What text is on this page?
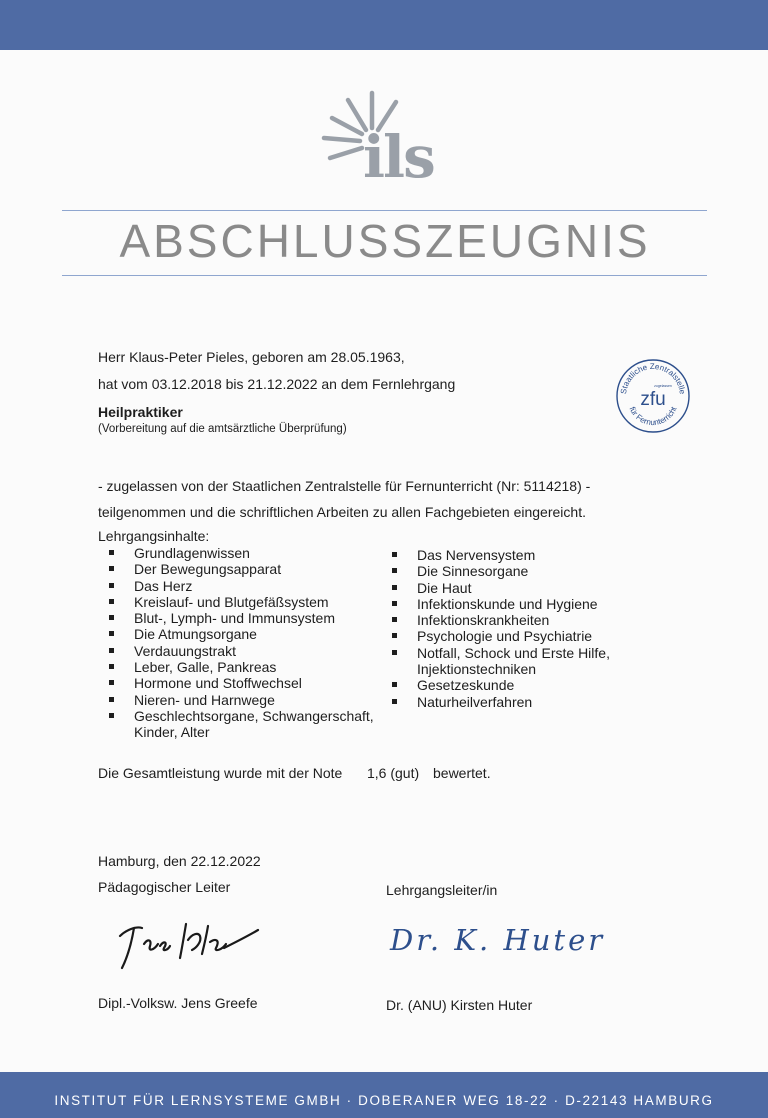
ils
ABSCHLUSSZEUGNIS
Herr Klaus-Peter Pieles, geboren am 28.05.1963,
hat vom 03.12.2018 bis 21.12.2022 an dem Fernlehrgang
Heilpraktiker
(Vorbereitung auf die amtsärztliche Überprüfung)
Staatliche Zentralstelle
für Fernunterricht
zugelassen
zfu
- zugelassen von der Staatlichen Zentralstelle für Fernunterricht (Nr: 5114218) -
teilgenommen und die schriftlichen Arbeiten zu allen Fachgebieten eingereicht.
Lehrgangsinhalte:
Grundlagenwissen
Der Bewegungsapparat
Das Herz
Kreislauf- und Blutgefäßsystem
Blut-, Lymph- und Immunsystem
Die Atmungsorgane
Verdauungstrakt
Leber, Galle, Pankreas
Hormone und Stoffwechsel
Nieren- und Harnwege
Geschlechtsorgane, Schwangerschaft,
Kinder, Alter
Das Nervensystem
Die Sinnesorgane
Die Haut
Infektionskunde und Hygiene
Infektionskrankheiten
Psychologie und Psychiatrie
Notfall, Schock und Erste Hilfe,
Injektionstechniken
Gesetzeskunde
Naturheilverfahren
Die Gesamtleistung wurde mit der Note 1,6 (gut) bewertet.
Hamburg, den 22.12.2022
Pädagogischer Leiter	Lehrgangsleiter/in
Dr. K. Huter
Dipl.-Volksw. Jens Greefe	Dr. (ANU) Kirsten Huter
INSTITUT FÜR LERNSYSTEME GMBH · DOBERANER WEG 18-22 · D-22143 HAMBURG
